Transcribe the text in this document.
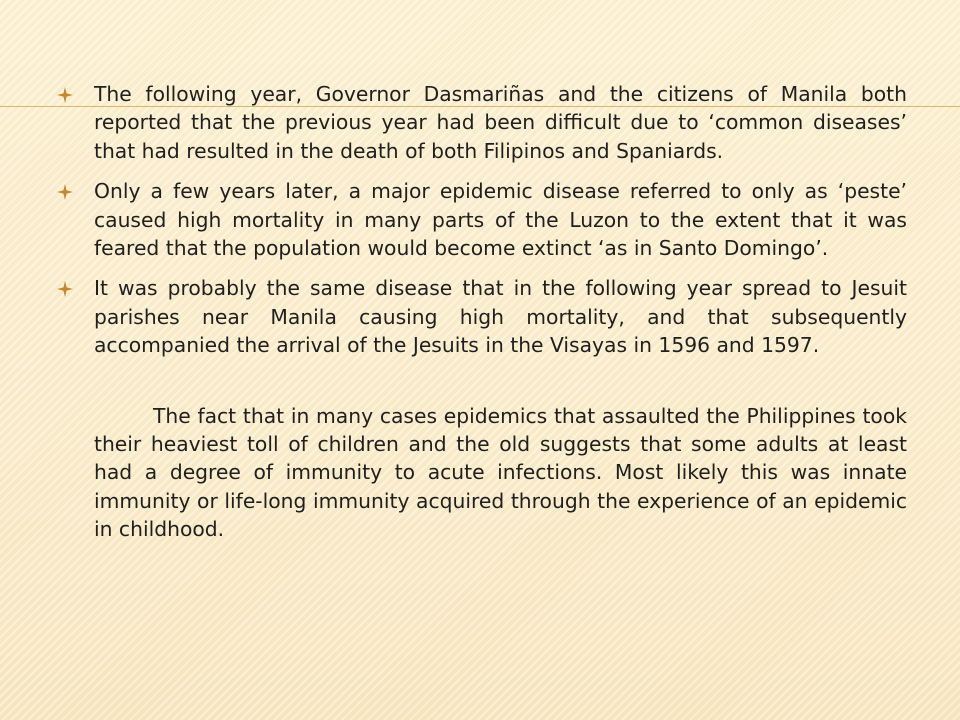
The following year, Governor Dasmariñas and the citizens of Manila both reported that the previous year had been difficult due to ‘common diseases’ that had resulted in the death of both Filipinos and Spaniards.

Only a few years later, a major epidemic disease referred to only as ‘peste’ caused high mortality in many parts of the Luzon to the extent that it was feared that the population would become extinct ‘as in Santo Domingo’.

It was probably the same disease that in the following year spread to Jesuit parishes near Manila causing high mortality, and that subsequently accompanied the arrival of the Jesuits in the Visayas in 1596 and 1597.

The fact that in many cases epidemics that assaulted the Philippines took their heaviest toll of children and the old suggests that some adults at least had a degree of immunity to acute infections. Most likely this was innate immunity or life-long immunity acquired through the experience of an epidemic in childhood.
